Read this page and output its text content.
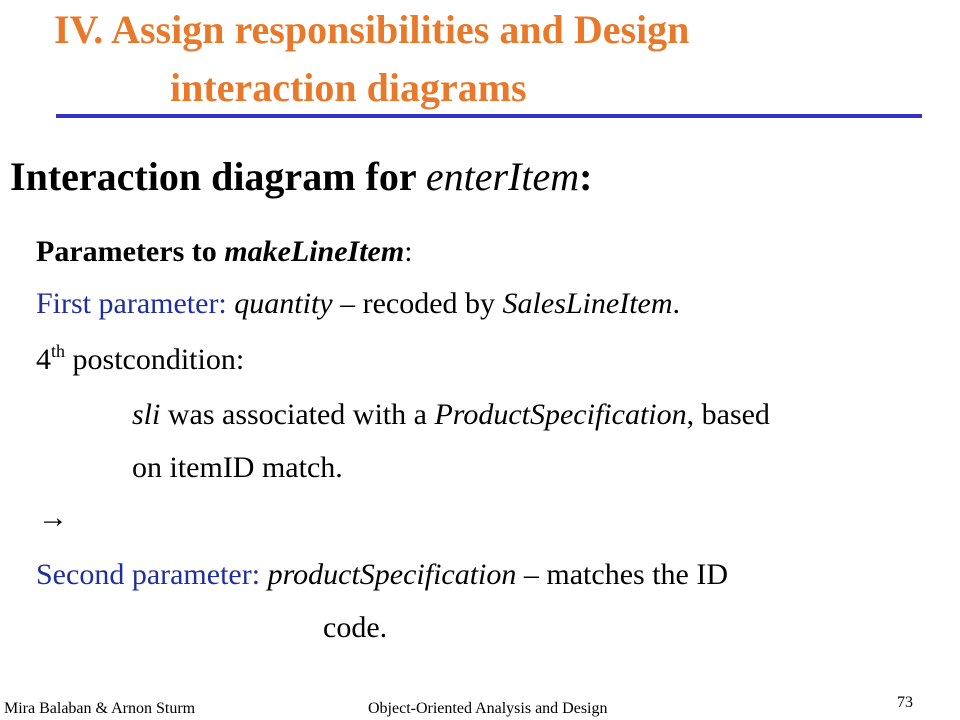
IV. Assign responsibilities and Design
interaction diagrams
Interaction diagram for enterItem:
Parameters to makeLineItem:
First parameter: quantity – recoded by SalesLineItem.
4th postcondition:
sli was associated with a ProductSpecification, based
on itemID match.
→
Second parameter: productSpecification – matches the ID
code.
Mira Balaban & Arnon Sturm	Object-Oriented Analysis and Design	73
